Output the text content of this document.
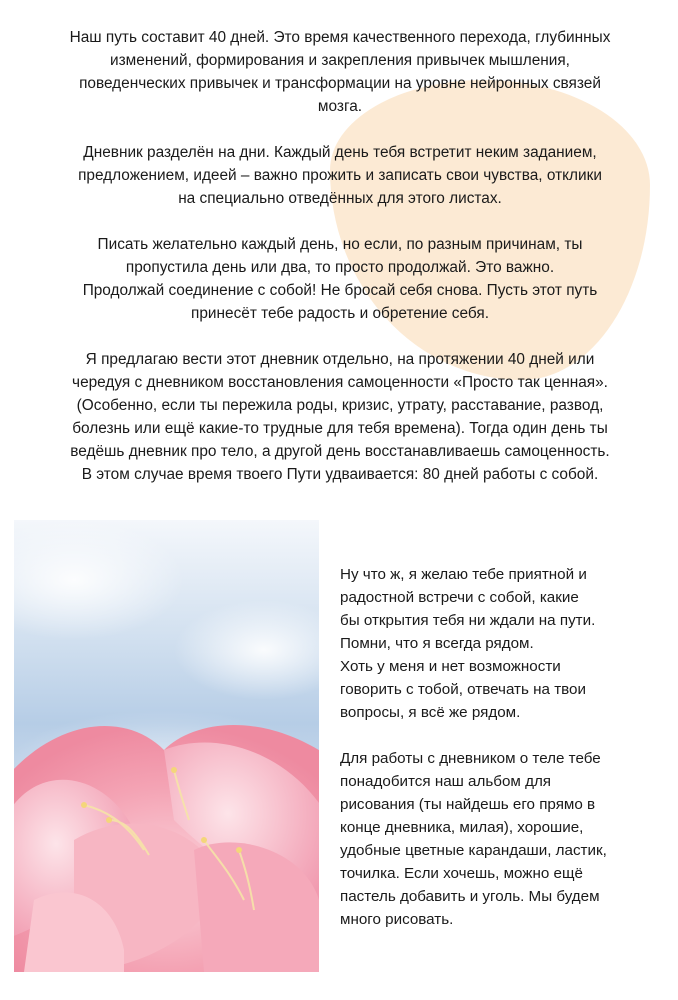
Наш путь составит 40 дней. Это время качественного перехода, глубинных
изменений, формирования и закрепления привычек мышления,
поведенческих привычек и трансформации на уровне нейронных связей
мозга.

Дневник разделён на дни. Каждый день тебя встретит неким заданием,
предложением, идеей – важно прожить и записать свои чувства, отклики
на специально отведённых для этого листах.

Писать желательно каждый день, но если, по разным причинам, ты
пропустила день или два, то просто продолжай. Это важно.
Продолжай соединение с собой! Не бросай себя снова. Пусть этот путь
принесёт тебе радость и обретение себя.

Я предлагаю вести этот дневник отдельно, на протяжении 40 дней или
чередуя с дневником восстановления самоценности «Просто так ценная».
(Особенно, если ты пережила роды, кризис, утрату, расставание, развод,
болезнь или ещё какие-то трудные для тебя времена). Тогда один день ты
ведёшь дневник про тело, а другой день восстанавливаешь самоценность.
В этом случае время твоего Пути удваивается: 80 дней работы с собой.

Ну что ж, я желаю тебе приятной и
радостной встречи с собой, какие
бы открытия тебя ни ждали на пути.
Помни, что я всегда рядом.
Хоть у меня и нет возможности
говорить с тобой, отвечать на твои
вопросы, я всё же рядом.

Для работы с дневником о теле тебе
понадобится наш альбом для
рисования (ты найдешь его прямо в
конце дневника, милая), хорошие,
удобные цветные карандаши, ластик,
точилка. Если хочешь, можно ещё
пастель добавить и уголь. Мы будем
много рисовать.
